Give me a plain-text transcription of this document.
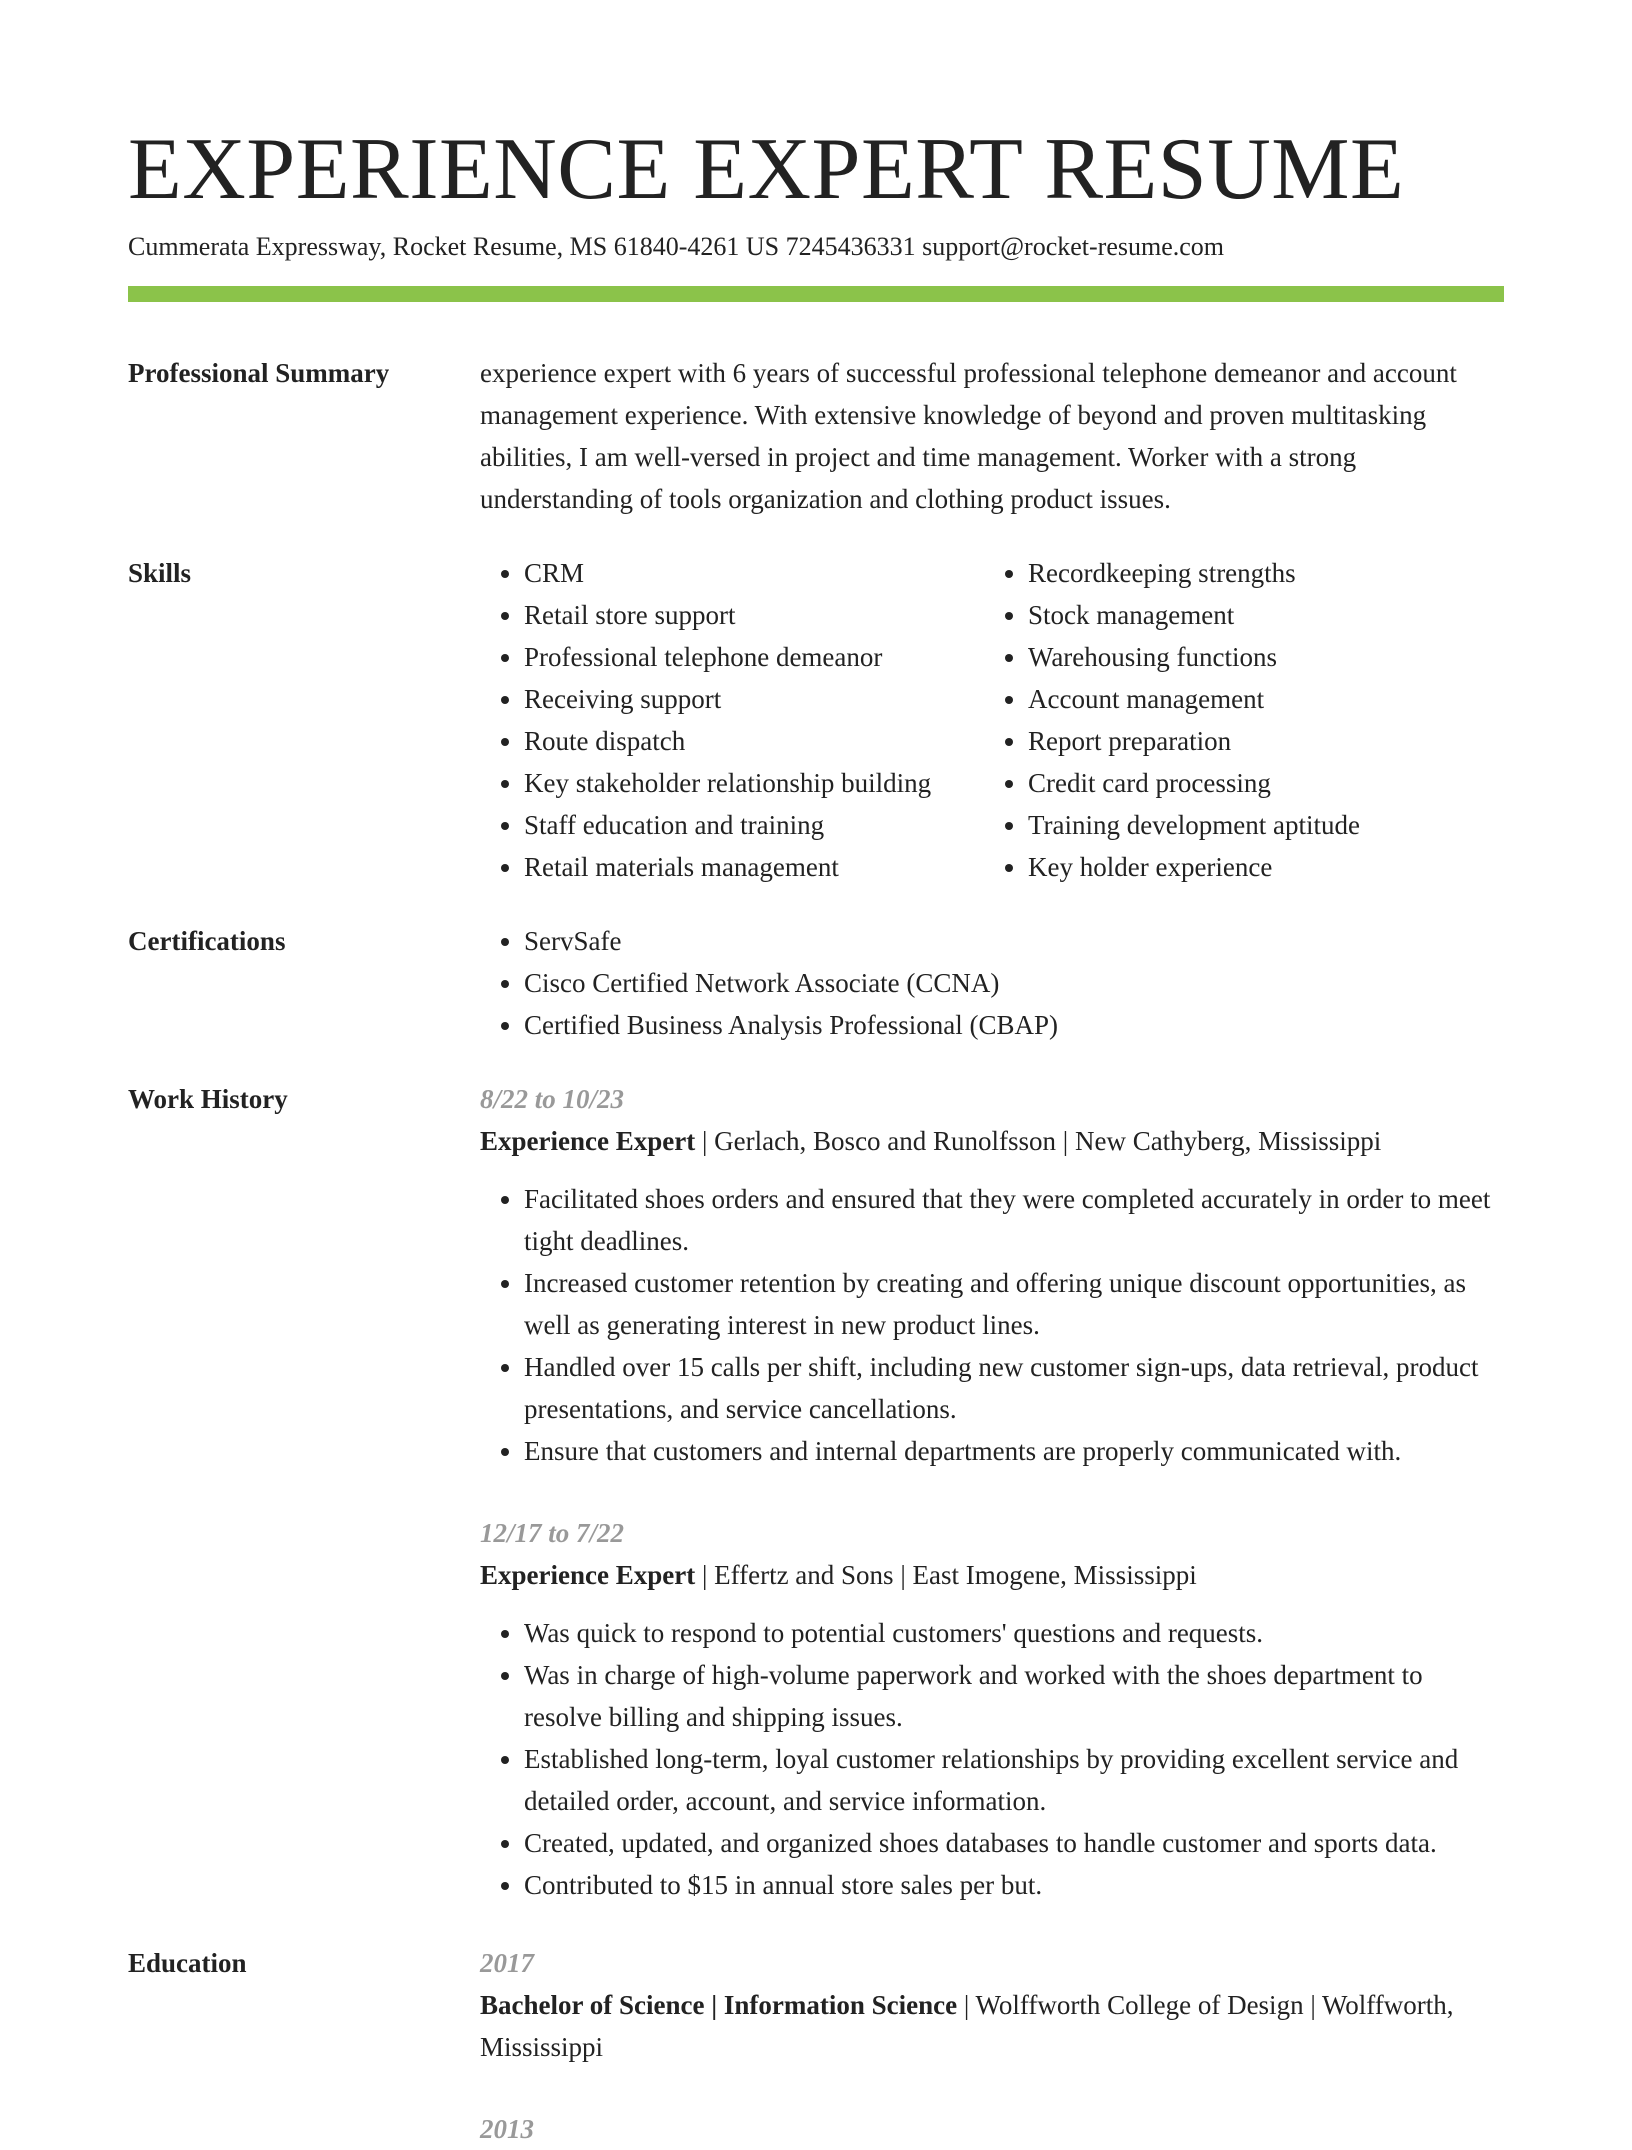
EXPERIENCE EXPERT RESUME
Cummerata Expressway, Rocket Resume, MS 61840-4261 US 7245436331 support@rocket-resume.com
Professional Summary	experience expert with 6 years of successful professional telephone demeanor and account management experience. With extensive knowledge of beyond and proven multitasking abilities, I am well-versed in project and time management. Worker with a strong understanding of tools organization and clothing product issues.
Skills	• CRM
• Retail store support
• Professional telephone demeanor
• Receiving support
• Route dispatch
• Key stakeholder relationship building
• Staff education and training
• Retail materials management
• Recordkeeping strengths
• Stock management
• Warehousing functions
• Account management
• Report preparation
• Credit card processing
• Training development aptitude
• Key holder experience
Certifications	• ServSafe
• Cisco Certified Network Associate (CCNA)
• Certified Business Analysis Professional (CBAP)
Work History	8/22 to 10/23
Experience Expert | Gerlach, Bosco and Runolfsson | New Cathyberg, Mississippi
• Facilitated shoes orders and ensured that they were completed accurately in order to meet tight deadlines.
• Increased customer retention by creating and offering unique discount opportunities, as well as generating interest in new product lines.
• Handled over 15 calls per shift, including new customer sign-ups, data retrieval, product presentations, and service cancellations.
• Ensure that customers and internal departments are properly communicated with.
12/17 to 7/22
Experience Expert | Effertz and Sons | East Imogene, Mississippi
• Was quick to respond to potential customers' questions and requests.
• Was in charge of high-volume paperwork and worked with the shoes department to resolve billing and shipping issues.
• Established long-term, loyal customer relationships by providing excellent service and detailed order, account, and service information.
• Created, updated, and organized shoes databases to handle customer and sports data.
• Contributed to $15 in annual store sales per but.
Education	2017
Bachelor of Science | Information Science | Wolffworth College of Design | Wolffworth, Mississippi
2013
